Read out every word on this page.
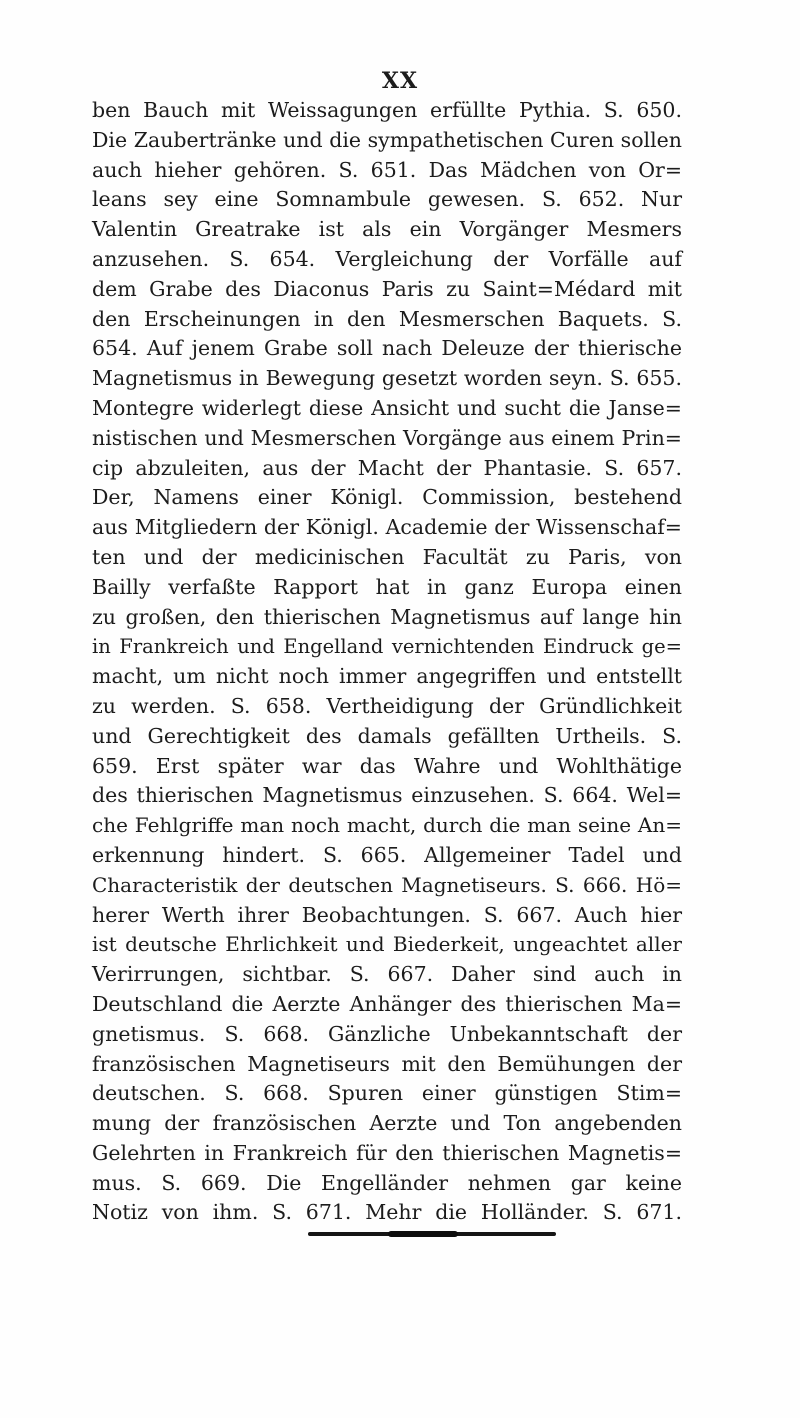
XX
ben Bauch mit Weissagungen erfüllte Pythia. S. 650.
Die Zaubertränke und die sympathetischen Curen sollen
auch hieher gehören. S. 651. Das Mädchen von Or=
leans sey eine Somnambule gewesen. S. 652. Nur
Valentin Greatrake ist als ein Vorgänger Mesmers
anzusehen. S. 654. Vergleichung der Vorfälle auf
dem Grabe des Diaconus Paris zu Saint=Médard mit
den Erscheinungen in den Mesmerschen Baquets. S.
654. Auf jenem Grabe soll nach Deleuze der thierische
Magnetismus in Bewegung gesetzt worden seyn. S. 655.
Montegre widerlegt diese Ansicht und sucht die Janse=
nistischen und Mesmerschen Vorgänge aus einem Prin=
cip abzuleiten, aus der Macht der Phantasie. S. 657.
Der, Namens einer Königl. Commission, bestehend
aus Mitgliedern der Königl. Academie der Wissenschaf=
ten und der medicinischen Facultät zu Paris, von
Bailly verfaßte Rapport hat in ganz Europa einen
zu großen, den thierischen Magnetismus auf lange hin
in Frankreich und Engelland vernichtenden Eindruck ge=
macht, um nicht noch immer angegriffen und entstellt
zu werden. S. 658. Vertheidigung der Gründlichkeit
und Gerechtigkeit des damals gefällten Urtheils. S.
659. Erst später war das Wahre und Wohlthätige
des thierischen Magnetismus einzusehen. S. 664. Wel=
che Fehlgriffe man noch macht, durch die man seine An=
erkennung hindert. S. 665. Allgemeiner Tadel und
Characteristik der deutschen Magnetiseurs. S. 666. Hö=
herer Werth ihrer Beobachtungen. S. 667. Auch hier
ist deutsche Ehrlichkeit und Biederkeit, ungeachtet aller
Verirrungen, sichtbar. S. 667. Daher sind auch in
Deutschland die Aerzte Anhänger des thierischen Ma=
gnetismus. S. 668. Gänzliche Unbekanntschaft der
französischen Magnetiseurs mit den Bemühungen der
deutschen. S. 668. Spuren einer günstigen Stim=
mung der französischen Aerzte und Ton angebenden
Gelehrten in Frankreich für den thierischen Magnetis=
mus. S. 669. Die Engelländer nehmen gar keine
Notiz von ihm. S. 671. Mehr die Holländer. S. 671.
